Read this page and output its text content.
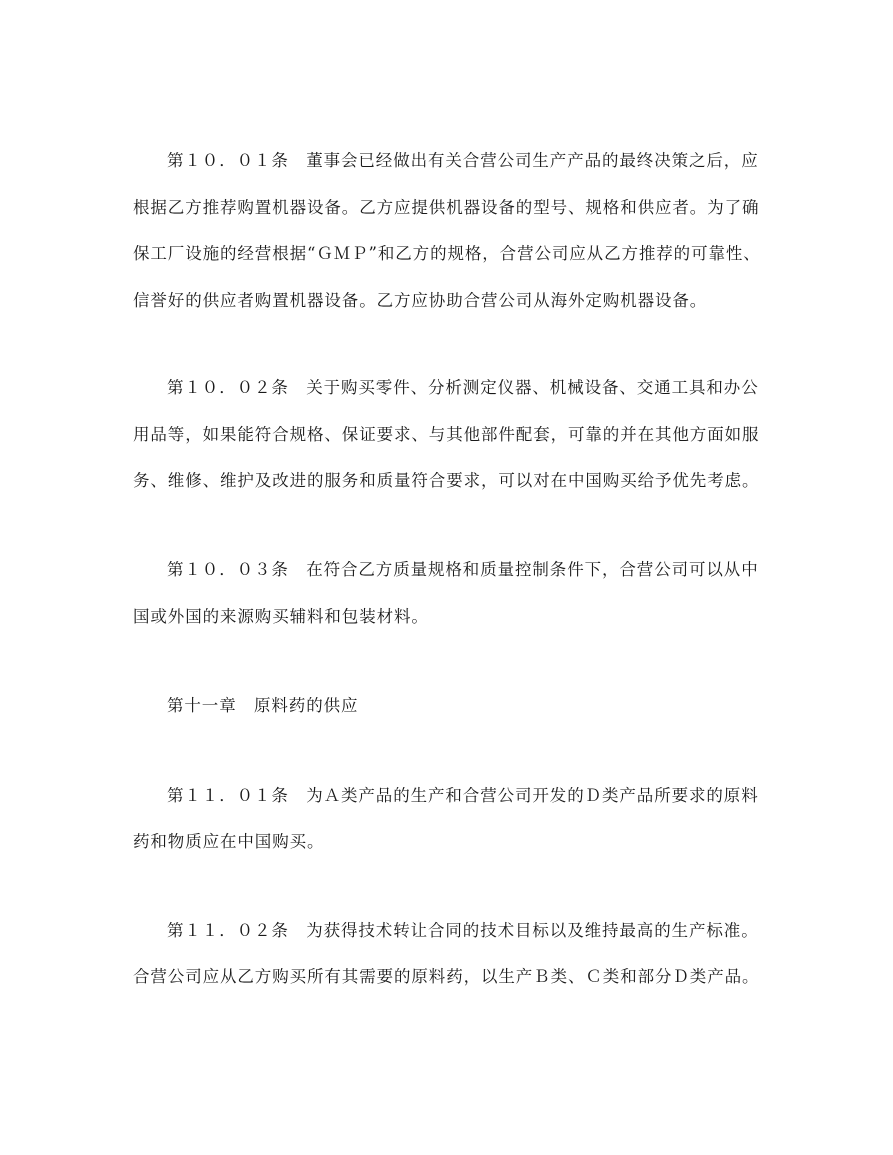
第１０．０１条　董事会已经做出有关合营公司生产产品的最终决策之后，应
根据乙方推荐购置机器设备。乙方应提供机器设备的型号、规格和供应者。为了确
保工厂设施的经营根据“ＧＭＰ”和乙方的规格，合营公司应从乙方推荐的可靠性、
信誉好的供应者购置机器设备。乙方应协助合营公司从海外定购机器设备。
第１０．０２条　关于购买零件、分析测定仪器、机械设备、交通工具和办公
用品等，如果能符合规格、保证要求、与其他部件配套，可靠的并在其他方面如服
务、维修、维护及改进的服务和质量符合要求，可以对在中国购买给予优先考虑。
第１０．０３条　在符合乙方质量规格和质量控制条件下，合营公司可以从中
国或外国的来源购买辅料和包装材料。
第十一章　原料药的供应
第１１．０１条　为Ａ类产品的生产和合营公司开发的Ｄ类产品所要求的原料
药和物质应在中国购买。
第１１．０２条　为获得技术转让合同的技术目标以及维持最高的生产标准。
合营公司应从乙方购买所有其需要的原料药，以生产Ｂ类、Ｃ类和部分Ｄ类产品。
